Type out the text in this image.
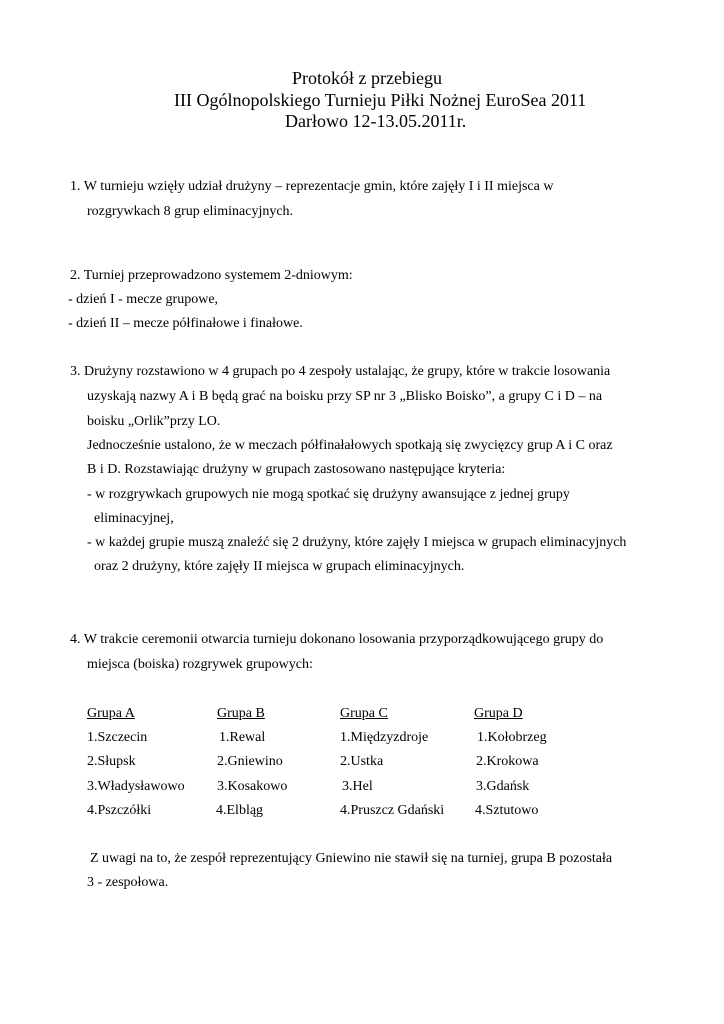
Protokół z przebiegu
III Ogólnopolskiego Turnieju Piłki Nożnej EuroSea 2011
Darłowo 12-13.05.2011r.
1. W turnieju wzięły udział drużyny – reprezentacje gmin, które zajęły I i II miejsca w
rozgrywkach 8 grup eliminacyjnych.
2. Turniej przeprowadzono systemem 2-dniowym:
- dzień I - mecze grupowe,
- dzień II – mecze półfinałowe i finałowe.
3. Drużyny rozstawiono w 4 grupach po 4 zespoły ustalając, że grupy, które w trakcie losowania
uzyskają nazwy A i B będą grać na boisku przy SP nr 3 „Blisko Boisko”, a grupy C i D – na
boisku „Orlik”przy LO.
Jednocześnie ustalono, że w meczach półfinałałowych spotkają się zwycięzcy grup A i C oraz
B i D. Rozstawiając drużyny w grupach zastosowano następujące kryteria:
- w rozgrywkach grupowych nie mogą spotkać się drużyny awansujące z jednej grupy
eliminacyjnej,
- w każdej grupie muszą znaleźć się 2 drużyny, które zajęły I miejsca w grupach eliminacyjnych
oraz 2 drużyny, które zajęły II miejsca w grupach eliminacyjnych.
4. W trakcie ceremonii otwarcia turnieju dokonano losowania przyporządkowującego grupy do
miejsca (boiska) rozgrywek grupowych:
Grupa A	Grupa B	Grupa C	Grupa D
1.Szczecin	1.Rewal	1.Międzyzdroje	1.Kołobrzeg
2.Słupsk	2.Gniewino	2.Ustka	2.Krokowa
3.Władysławowo 3.Kosakowo	3.Hel	3.Gdańsk
4.Pszczółki	4.Elbląg	4.Pruszcz Gdański 4.Sztutowo
Z uwagi na to, że zespół reprezentujący Gniewino nie stawił się na turniej, grupa B pozostała
3 - zespołowa.
